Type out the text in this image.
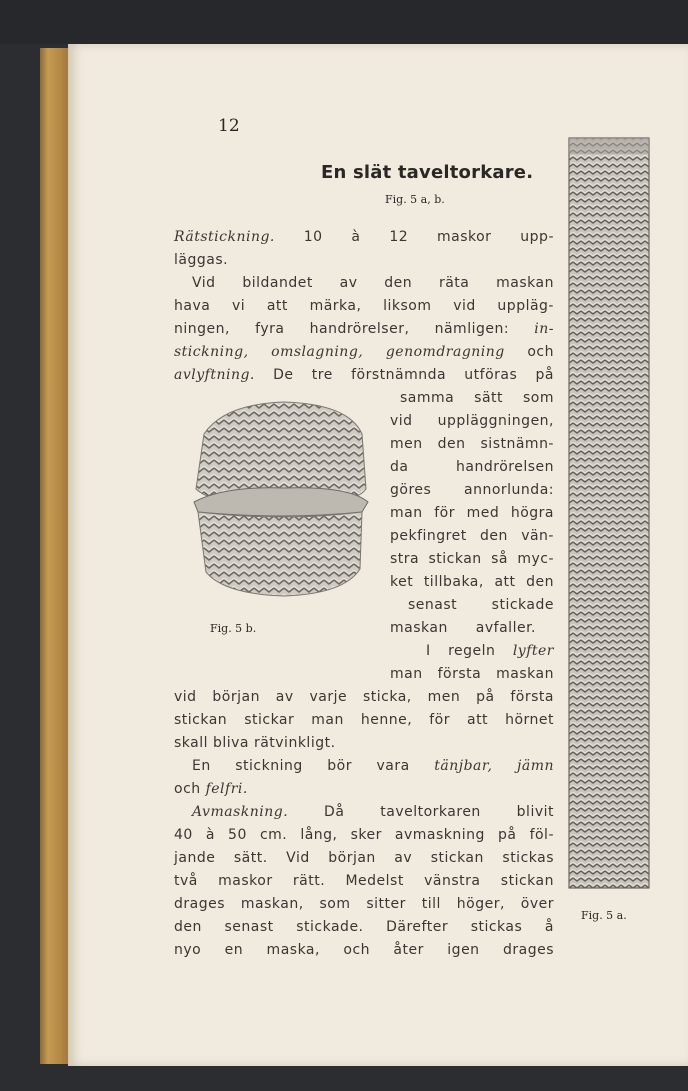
12
En slät taveltorkare.
Fig. 5 a, b.

Rätstickning. 10 à 12 maskor upp-

läggas.

Vid bildandet av den räta maskan

hava vi att märka, liksom vid uppläg-

ningen, fyra handrörelser, nämligen: in-

stickning, omslagning, genomdragning och

avlyftning. De tre förstnämnda utföras på

samma sätt som

vid uppläggningen,

men den sistnämn-

da handrörelsen

göres annorlunda:

man för med högra

pekfingret den vän-

stra stickan så myc-

ket tillbaka, att den

senast stickade

maskan avfaller.

I regeln lyfter

man första maskan

vid början av varje sticka, men på första

stickan stickar man henne, för att hörnet

skall bliva rätvinkligt.

En stickning bör vara tänjbar, jämn

och felfri.

Avmaskning.	Då taveltorkaren blivit

40 à 50 cm. lång, sker avmaskning på föl-

jande sätt. Vid början av stickan stickas

två maskor rätt. Medelst vänstra stickan

drages maskan, som sitter till höger, över

den senast stickade. Därefter stickas å

nyo en maska, och åter igen drages

Fig. 5 b.
Fig. 5 a.
